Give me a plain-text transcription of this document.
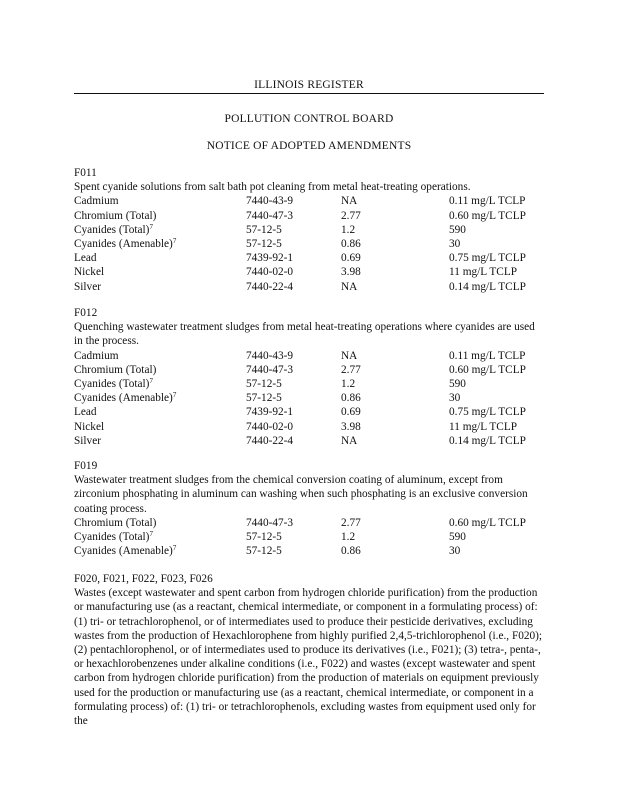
ILLINOIS REGISTER
POLLUTION CONTROL BOARD
NOTICE OF ADOPTED AMENDMENTS
F011
Spent cyanide solutions from salt bath pot cleaning from metal heat-treating operations.
Cadmium	7440-43-9	NA	0.11 mg/L TCLP
Chromium (Total)	7440-47-3	2.77	0.60 mg/L TCLP
Cyanides (Total)$^7$	57-12-5	1.2	590
Cyanides (Amenable)$^7$	57-12-5	0.86	30
Lead	7439-92-1	0.69	0.75 mg/L TCLP
Nickel	7440-02-0	3.98	11 mg/L TCLP
Silver	7440-22-4	NA	0.14 mg/L TCLP
F012
Quenching wastewater treatment sludges from metal heat-treating operations where cyanides are used in the process.
Cadmium	7440-43-9	NA	0.11 mg/L TCLP
Chromium (Total)	7440-47-3	2.77	0.60 mg/L TCLP
Cyanides (Total)$^7$	57-12-5	1.2	590
Cyanides (Amenable)$^7$	57-12-5	0.86	30
Lead	7439-92-1	0.69	0.75 mg/L TCLP
Nickel	7440-02-0	3.98	11 mg/L TCLP
Silver	7440-22-4	NA	0.14 mg/L TCLP
F019
Wastewater treatment sludges from the chemical conversion coating of aluminum, except from zirconium phosphating in aluminum can washing when such phosphating is an exclusive conversion coating process.
Chromium (Total)	7440-47-3	2.77	0.60 mg/L TCLP
Cyanides (Total)$^7$	57-12-5	1.2	590
Cyanides (Amenable)$^7$	57-12-5	0.86	30
F020, F021, F022, F023, F026
Wastes (except wastewater and spent carbon from hydrogen chloride purification) from the production or manufacturing use (as a reactant, chemical intermediate, or component in a formulating process) of: (1) tri- or tetrachlorophenol, or of intermediates used to produce their pesticide derivatives, excluding wastes from the production of Hexachlorophene from highly purified 2,4,5-trichlorophenol (i.e., F020); (2) pentachlorophenol, or of intermediates used to produce its derivatives (i.e., F021); (3) tetra-, penta-, or hexachlorobenzenes under alkaline conditions (i.e., F022) and wastes (except wastewater and spent carbon from hydrogen chloride purification) from the production of materials on equipment previously used for the production or manufacturing use (as a reactant, chemical intermediate, or component in a formulating process) of: (1) tri- or tetrachlorophenols, excluding wastes from equipment used only for the
